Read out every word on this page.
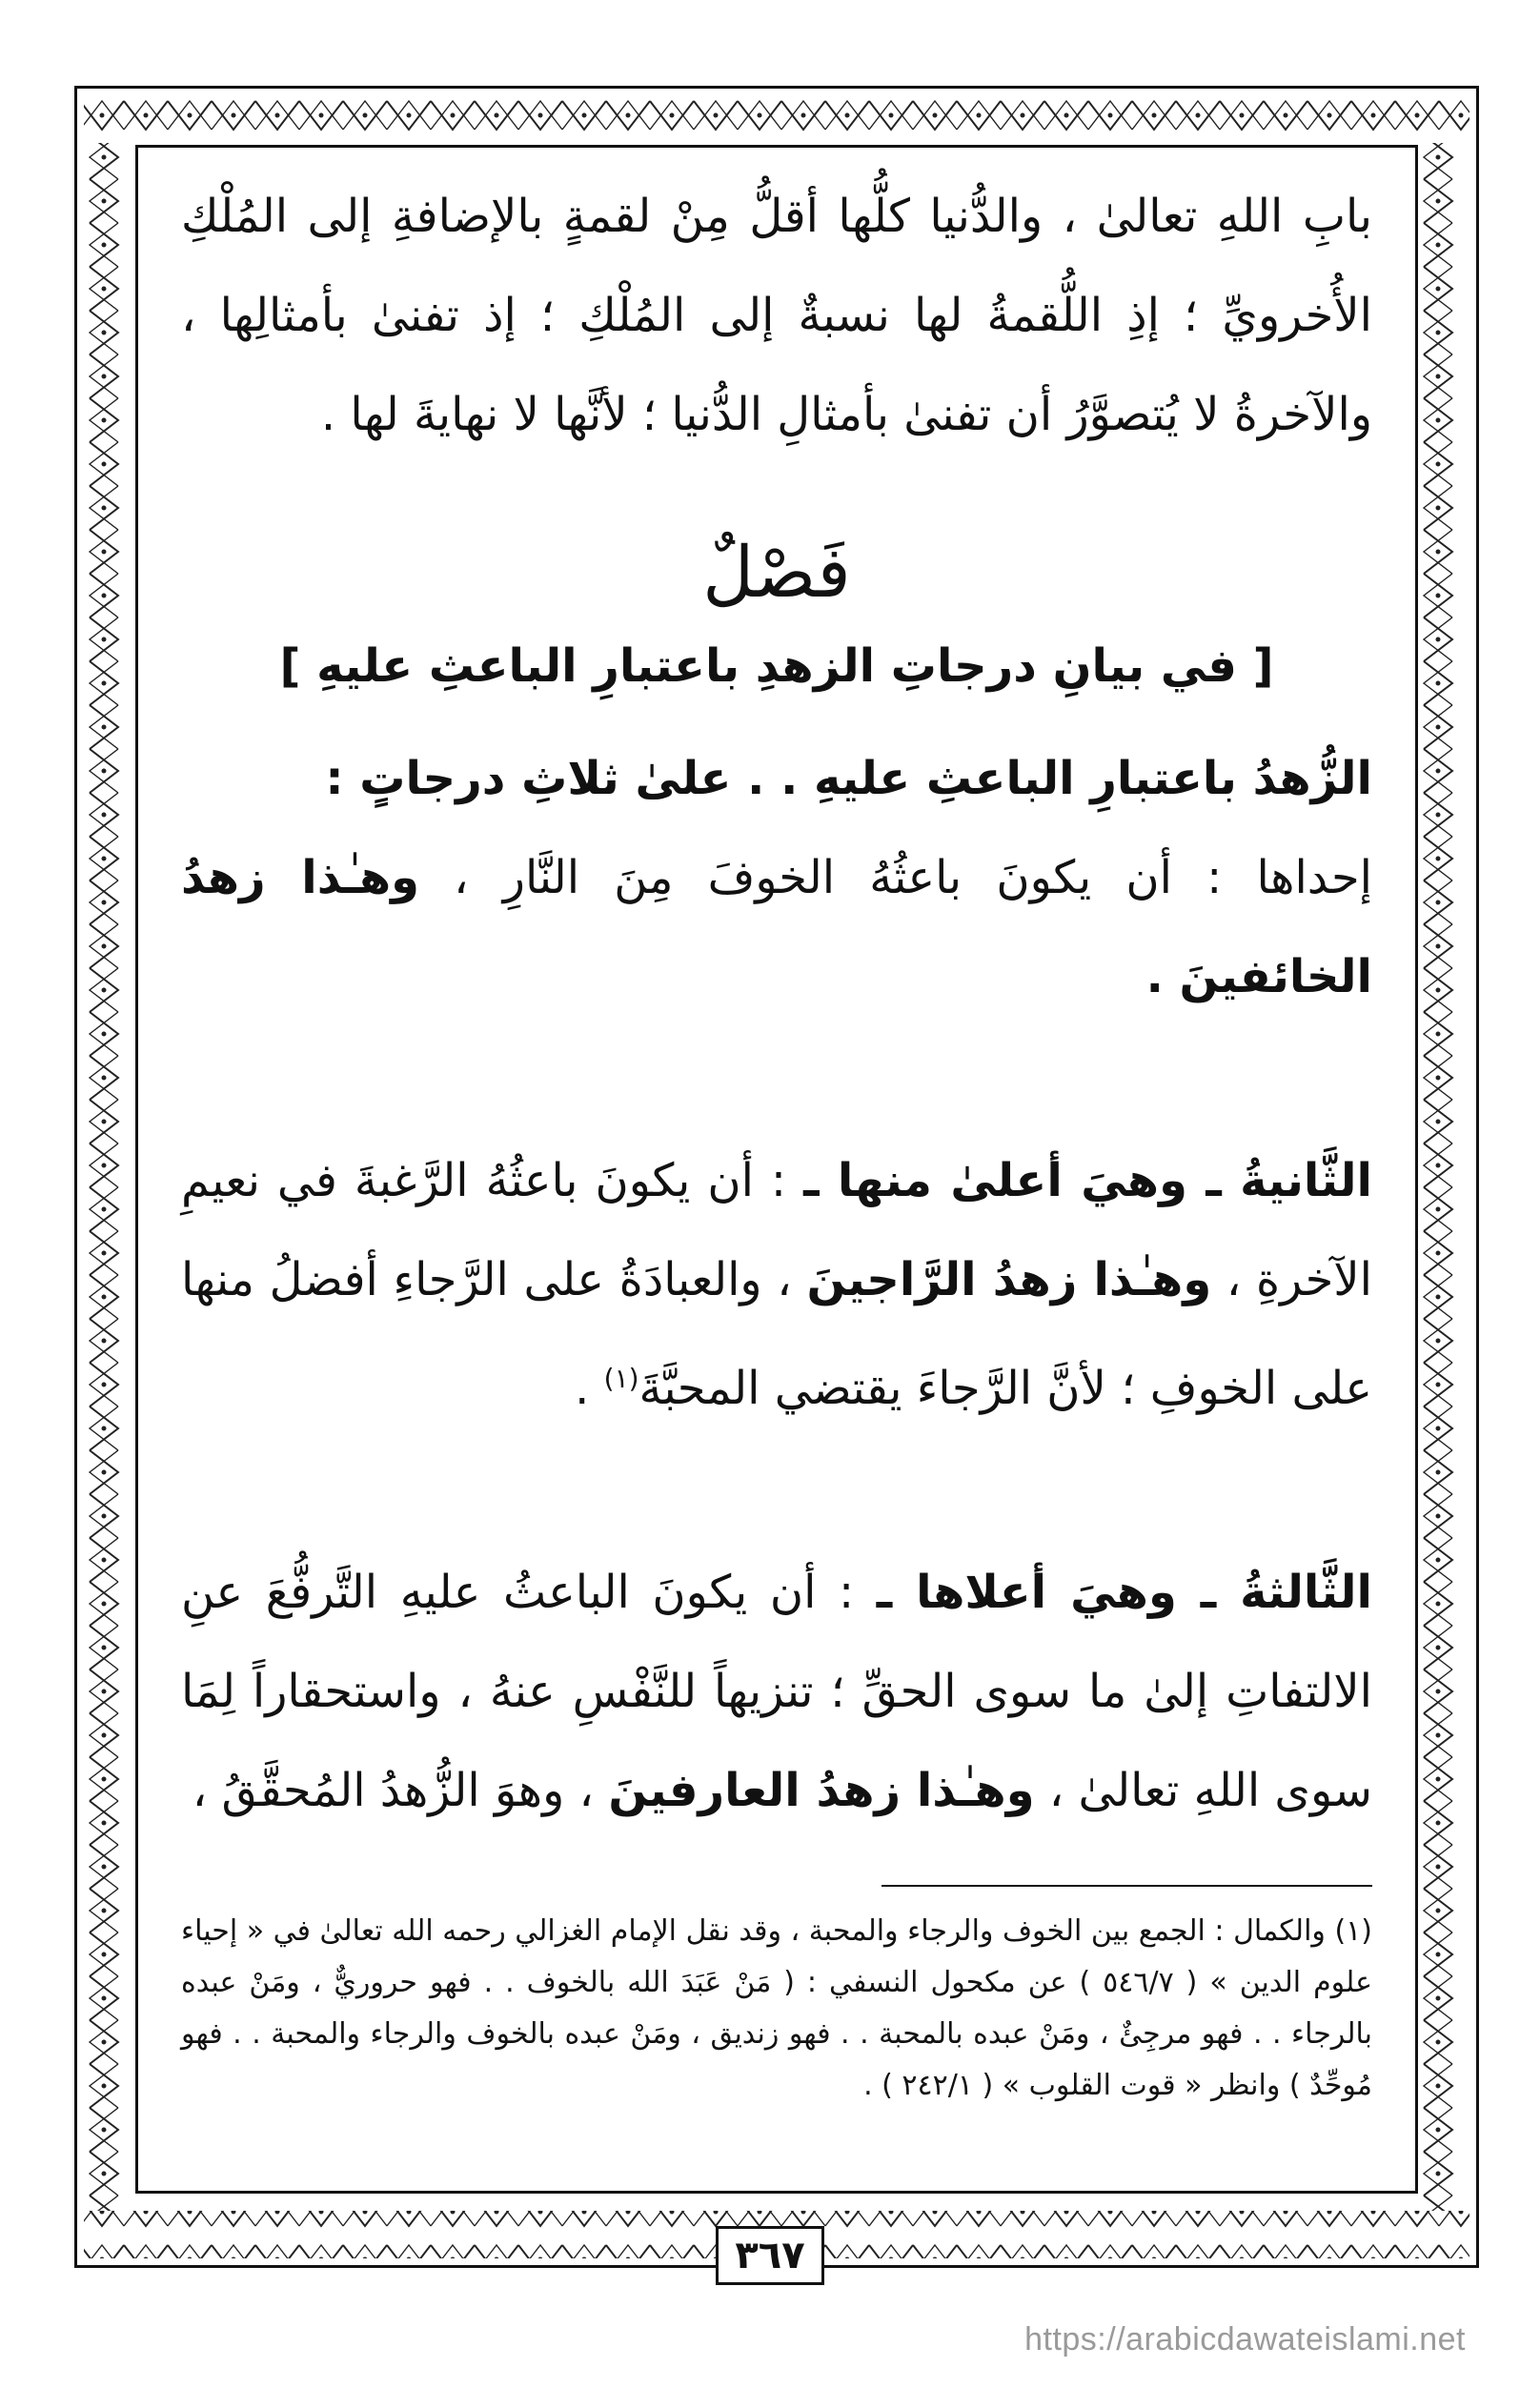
بابِ اللهِ تعالىٰ ، والدُّنيا كلُّها أقلُّ مِنْ لقمةٍ بالإضافةِ إلى المُلْكِ الأُخرويِّ ؛ إذِ اللُّقمةُ لها نسبةٌ إلى المُلْكِ ؛ إذ تفنىٰ بأمثالِها ، والآخرةُ لا يُتصوَّرُ أن تفنىٰ بأمثالِ الدُّنيا ؛ لأنَّها لا نهايةَ لها .

فَصْلٌ
[ في بيانِ درجاتِ الزهدِ باعتبارِ الباعثِ عليهِ ]

الزُّهدُ باعتبارِ الباعثِ عليهِ . . علىٰ ثلاثِ درجاتٍ :

إحداها : أن يكونَ باعثُهُ الخوفَ مِنَ النَّارِ ، وهـٰذا زهدُ الخائفينَ .

الثَّانيةُ ـ وهيَ أعلىٰ منها ـ : أن يكونَ باعثُهُ الرَّغبةَ في نعيمِ الآخرةِ ، وهـٰذا زهدُ الرَّاجينَ ، والعبادَةُ على الرَّجاءِ أفضلُ منها على الخوفِ ؛ لأنَّ الرَّجاءَ يقتضي المحبَّةَ$^{(١)}$ .

الثَّالثةُ ـ وهيَ أعلاها ـ : أن يكونَ الباعثُ عليهِ التَّرفُّعَ عنِ الالتفاتِ إلىٰ ما سوى الحقِّ ؛ تنزيهاً للنَّفْسِ عنهُ ، واستحقاراً لِمَا سوى اللهِ تعالىٰ ، وهـٰذا زهدُ العارفينَ ، وهوَ الزُّهدُ المُحقَّقُ ،

(١) والكمال : الجمع بين الخوف والرجاء والمحبة ، وقد نقل الإمام الغزالي رحمه الله تعالىٰ في « إحياء علوم الدين » ( ٥٤٦/٧ ) عن مكحول النسفي : ( مَنْ عَبَدَ الله بالخوف . . فهو حروريٌّ ، ومَنْ عبده بالرجاء . . فهو مرجِئٌ ، ومَنْ عبده بالمحبة . . فهو زنديق ، ومَنْ عبده بالخوف والرجاء والمحبة . . فهو مُوحِّدٌ ) وانظر « قوت القلوب » ( ٢٤٢/١ ) .

٣٦٧
https://arabicdawateislami.net
